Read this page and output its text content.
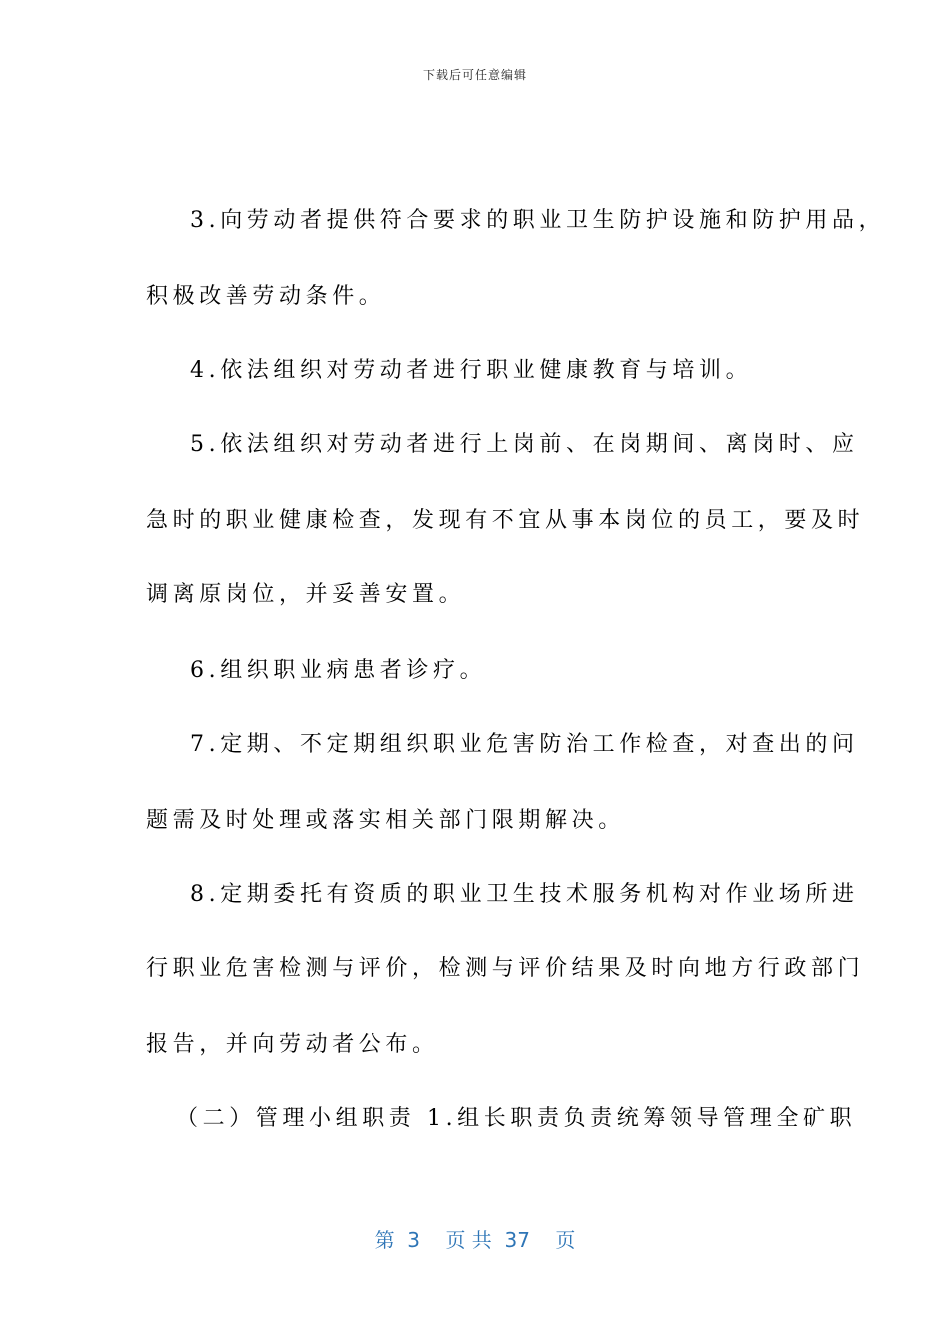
下载后可任意编辑
3.向劳动者提供符合要求的职业卫生防护设施和防护用品，
积极改善劳动条件。
4.依法组织对劳动者进行职业健康教育与培训。
5.依法组织对劳动者进行上岗前、在岗期间、离岗时、应
急时的职业健康检查，发现有不宜从事本岗位的员工，要及时
调离原岗位，并妥善安置。
6.组织职业病患者诊疗。
7.定期、不定期组织职业危害防治工作检查，对查出的问
题需及时处理或落实相关部门限期解决。
8.定期委托有资质的职业卫生技术服务机构对作业场所进
行职业危害检测与评价，检测与评价结果及时向地方行政部门
报告，并向劳动者公布。
（二）管理小组职责 1.组长职责负责统筹领导管理全矿职
第  3    页 共  37    页
